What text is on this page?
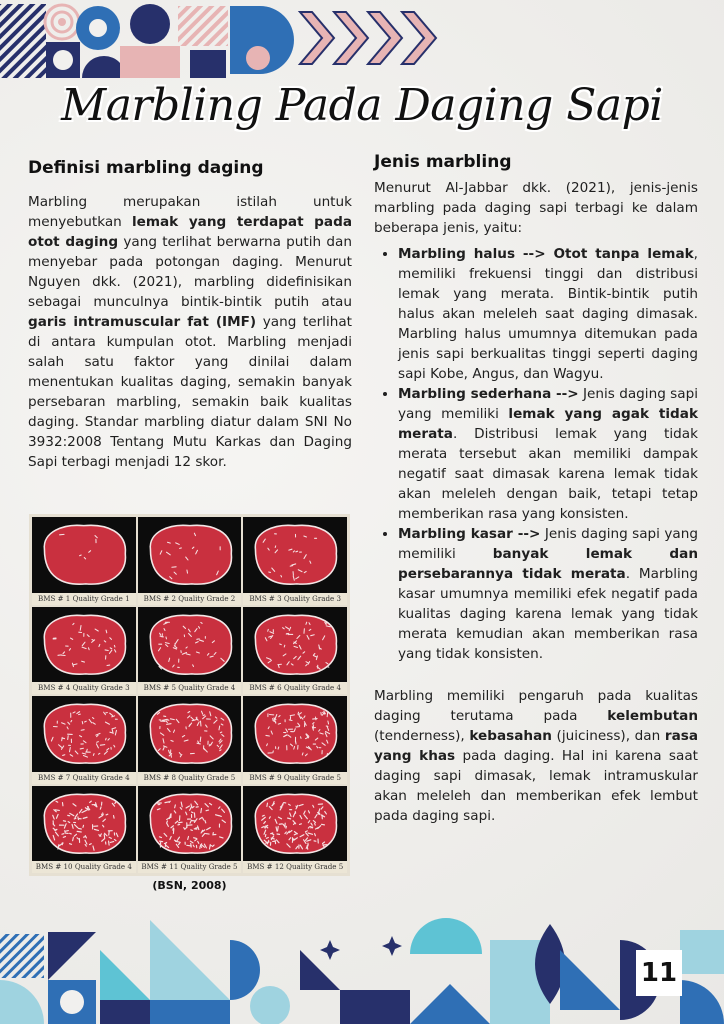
Marbling Pada Daging Sapi
Definisi marbling daging

Marbling merupakan istilah untuk menyebutkan lemak yang terdapat pada otot daging yang terlihat berwarna putih dan menyebar pada potongan daging. Menurut Nguyen dkk. (2021), marbling didefinisikan sebagai munculnya bintik-bintik putih atau garis intramuscular fat (IMF) yang terlihat di antara kumpulan otot. Marbling menjadi salah satu faktor yang dinilai dalam menentukan kualitas daging, semakin banyak persebaran marbling, semakin baik kualitas daging. Standar marbling diatur dalam SNI No 3932:2008 Tentang Mutu Karkas dan Daging Sapi terbagi menjadi 12 skor.

BMS # 1 Quality Grade 1	BMS # 2 Quality Grade 2	BMS # 3 Quality Grade 3
BMS # 4 Quality Grade 3	BMS # 5 Quality Grade 4	BMS # 6 Quality Grade 4
BMS # 7 Quality Grade 4	BMS # 8 Quality Grade 5	BMS # 9 Quality Grade 5
BMS # 10 Quality Grade 4	BMS # 11 Quality Grade 5	BMS # 12 Quality Grade 5
(BSN, 2008)
Jenis marbling

Menurut Al-Jabbar dkk. (2021), jenis-jenis marbling pada daging sapi terbagi ke dalam beberapa jenis, yaitu:

• Marbling halus --> Otot tanpa lemak, memiliki frekuensi tinggi dan distribusi lemak yang merata. Bintik-bintik putih halus akan meleleh saat daging dimasak. Marbling halus umumnya ditemukan pada jenis sapi berkualitas tinggi seperti daging sapi Kobe, Angus, dan Wagyu.
• Marbling sederhana --> Jenis daging sapi yang memiliki lemak yang agak tidak merata. Distribusi lemak yang tidak merata tersebut akan memiliki dampak negatif saat dimasak karena lemak tidak akan meleleh dengan baik, tetapi tetap memberikan rasa yang konsisten.
• Marbling kasar --> Jenis daging sapi yang memiliki banyak lemak dan persebarannya tidak merata. Marbling kasar umumnya memiliki efek negatif pada kualitas daging karena lemak yang tidak merata kemudian akan memberikan rasa yang tidak konsisten.

Marbling memiliki pengaruh pada kualitas daging terutama pada kelembutan (tenderness), kebasahan (juiciness), dan rasa yang khas pada daging. Hal ini karena saat daging sapi dimasak, lemak intramuskular akan meleleh dan memberikan efek lembut pada daging sapi.

11
